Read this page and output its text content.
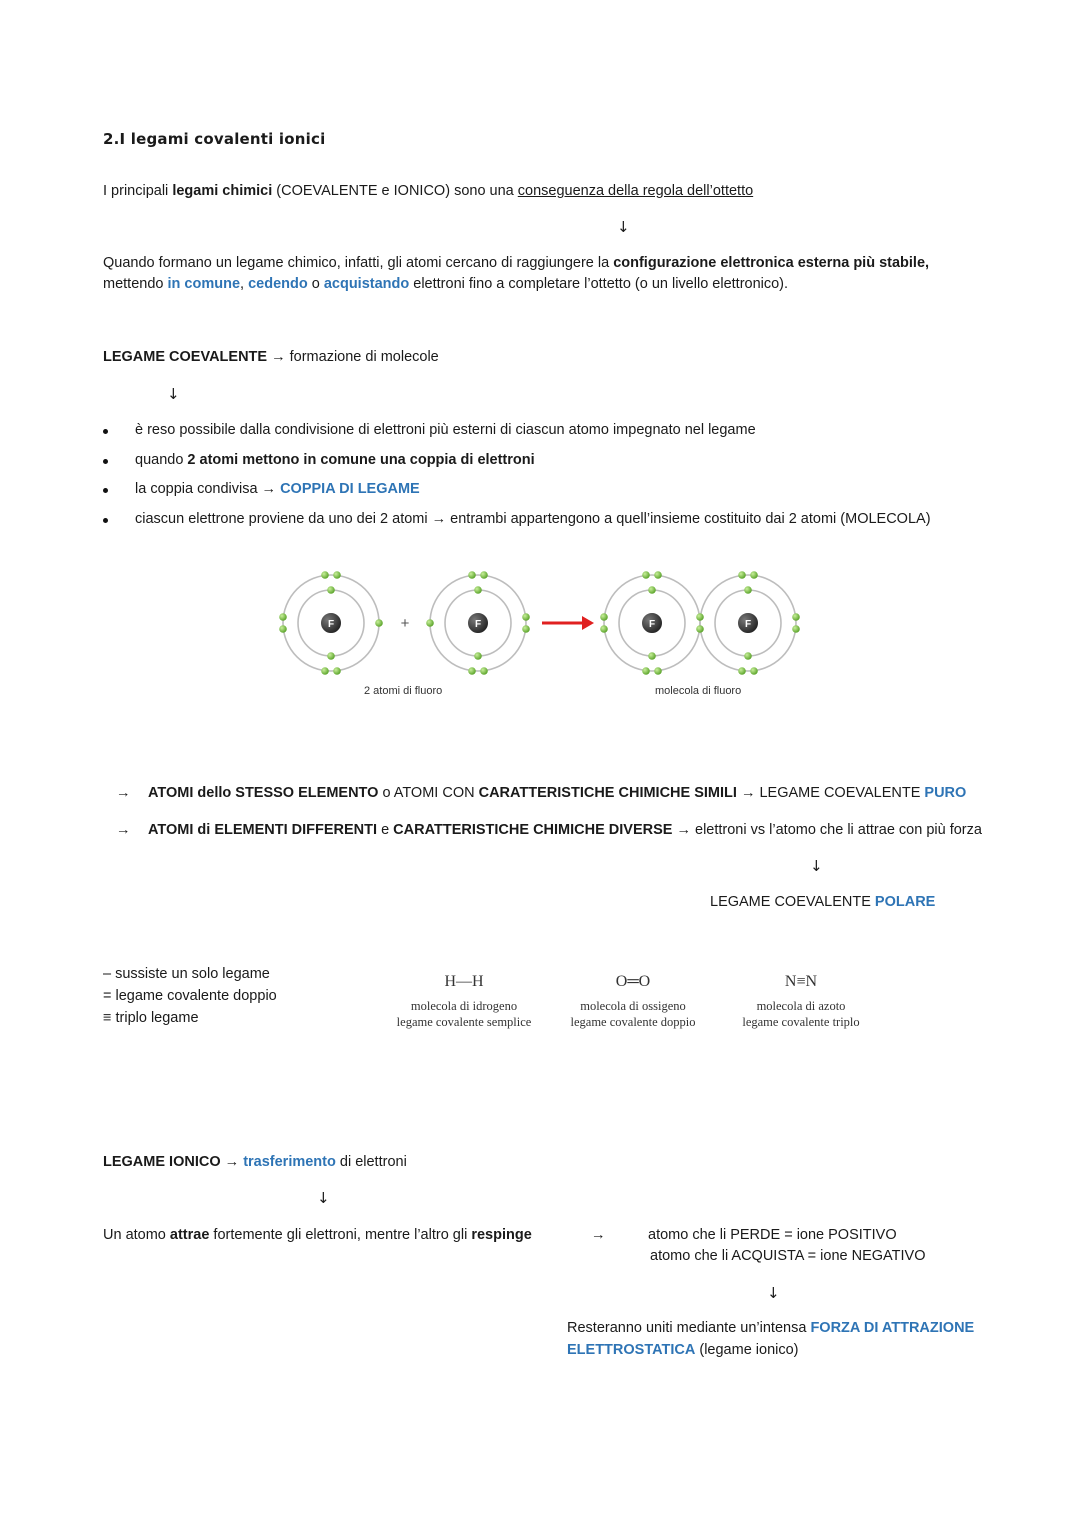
2.I legami covalenti ionici
I principali legami chimici (COEVALENTE e IONICO) sono una conseguenza della regola dell’ottetto
↓
Quando formano un legame chimico, infatti, gli atomi cercano di raggiungere la configurazione elettronica esterna più stabile,
mettendo in comune, cedendo o acquistando elettroni fino a completare l’ottetto (o un livello elettronico).
LEGAME COEVALENTE → formazione di molecole
↓
è reso possibile dalla condivisione di elettroni più esterni di ciascun atomo impegnato nel legame
quando 2 atomi mettono in comune una coppia di elettroni
la coppia condivisa → COPPIA DI LEGAME
ciascun elettrone proviene da uno dei 2 atomi → entrambi appartengono a quell’insieme costituito dai 2 atomi (MOLECOLA)
F	+	F	F	F
2 atomi di fluoro	molecola di fluoro
→ ATOMI dello STESSO ELEMENTO o ATOMI CON CARATTERISTICHE CHIMICHE SIMILI → LEGAME COEVALENTE PURO
→ ATOMI di ELEMENTI DIFFERENTI e CARATTERISTICHE CHIMICHE DIVERSE → elettroni vs l’atomo che li attrae con più forza
↓
LEGAME COEVALENTE POLARE
– sussiste un solo legame
= legame covalente doppio
≡ triplo legame
H—H
molecola di idrogeno
legame covalente semplice
O═O
molecola di ossigeno
legame covalente doppio
N≡N
molecola di azoto
legame covalente triplo
LEGAME IONICO → trasferimento di elettroni
↓
Un atomo attrae fortemente gli elettroni, mentre l’altro gli respinge	→	atomo che li PERDE = ione POSITIVO
atomo che li ACQUISTA = ione NEGATIVO
↓
Resteranno uniti mediante un’intensa FORZA DI ATTRAZIONE
ELETTROSTATICA (legame ionico)
